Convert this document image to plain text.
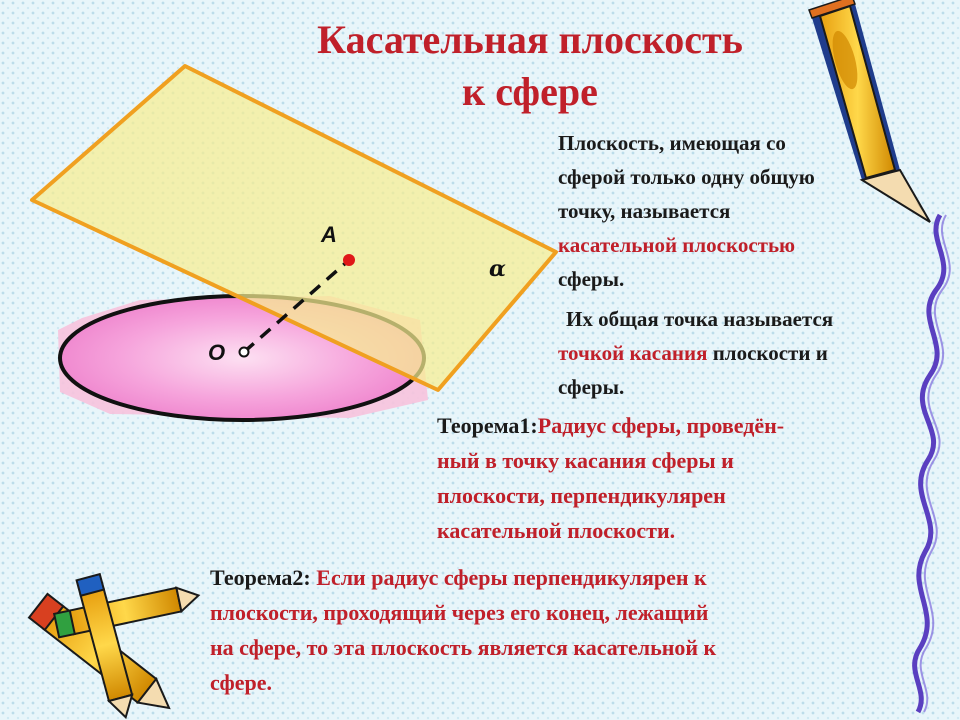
Касательная плоскость
к сфере
A
O
α
Плоскость, имеющая со
сферой только одну общую
точку, называется
касательной плоскостью
сферы.
Их общая точка называется
точкой касания плоскости и
сферы.
Теорема1:Радиус сферы, проведён-
ный в точку касания сферы и
плоскости, перпендикулярен
касательной плоскости.
Теорема2: Если радиус сферы перпендикулярен к
плоскости, проходящий через его конец, лежащий
на сфере, то эта плоскость является касательной к
сфере.
